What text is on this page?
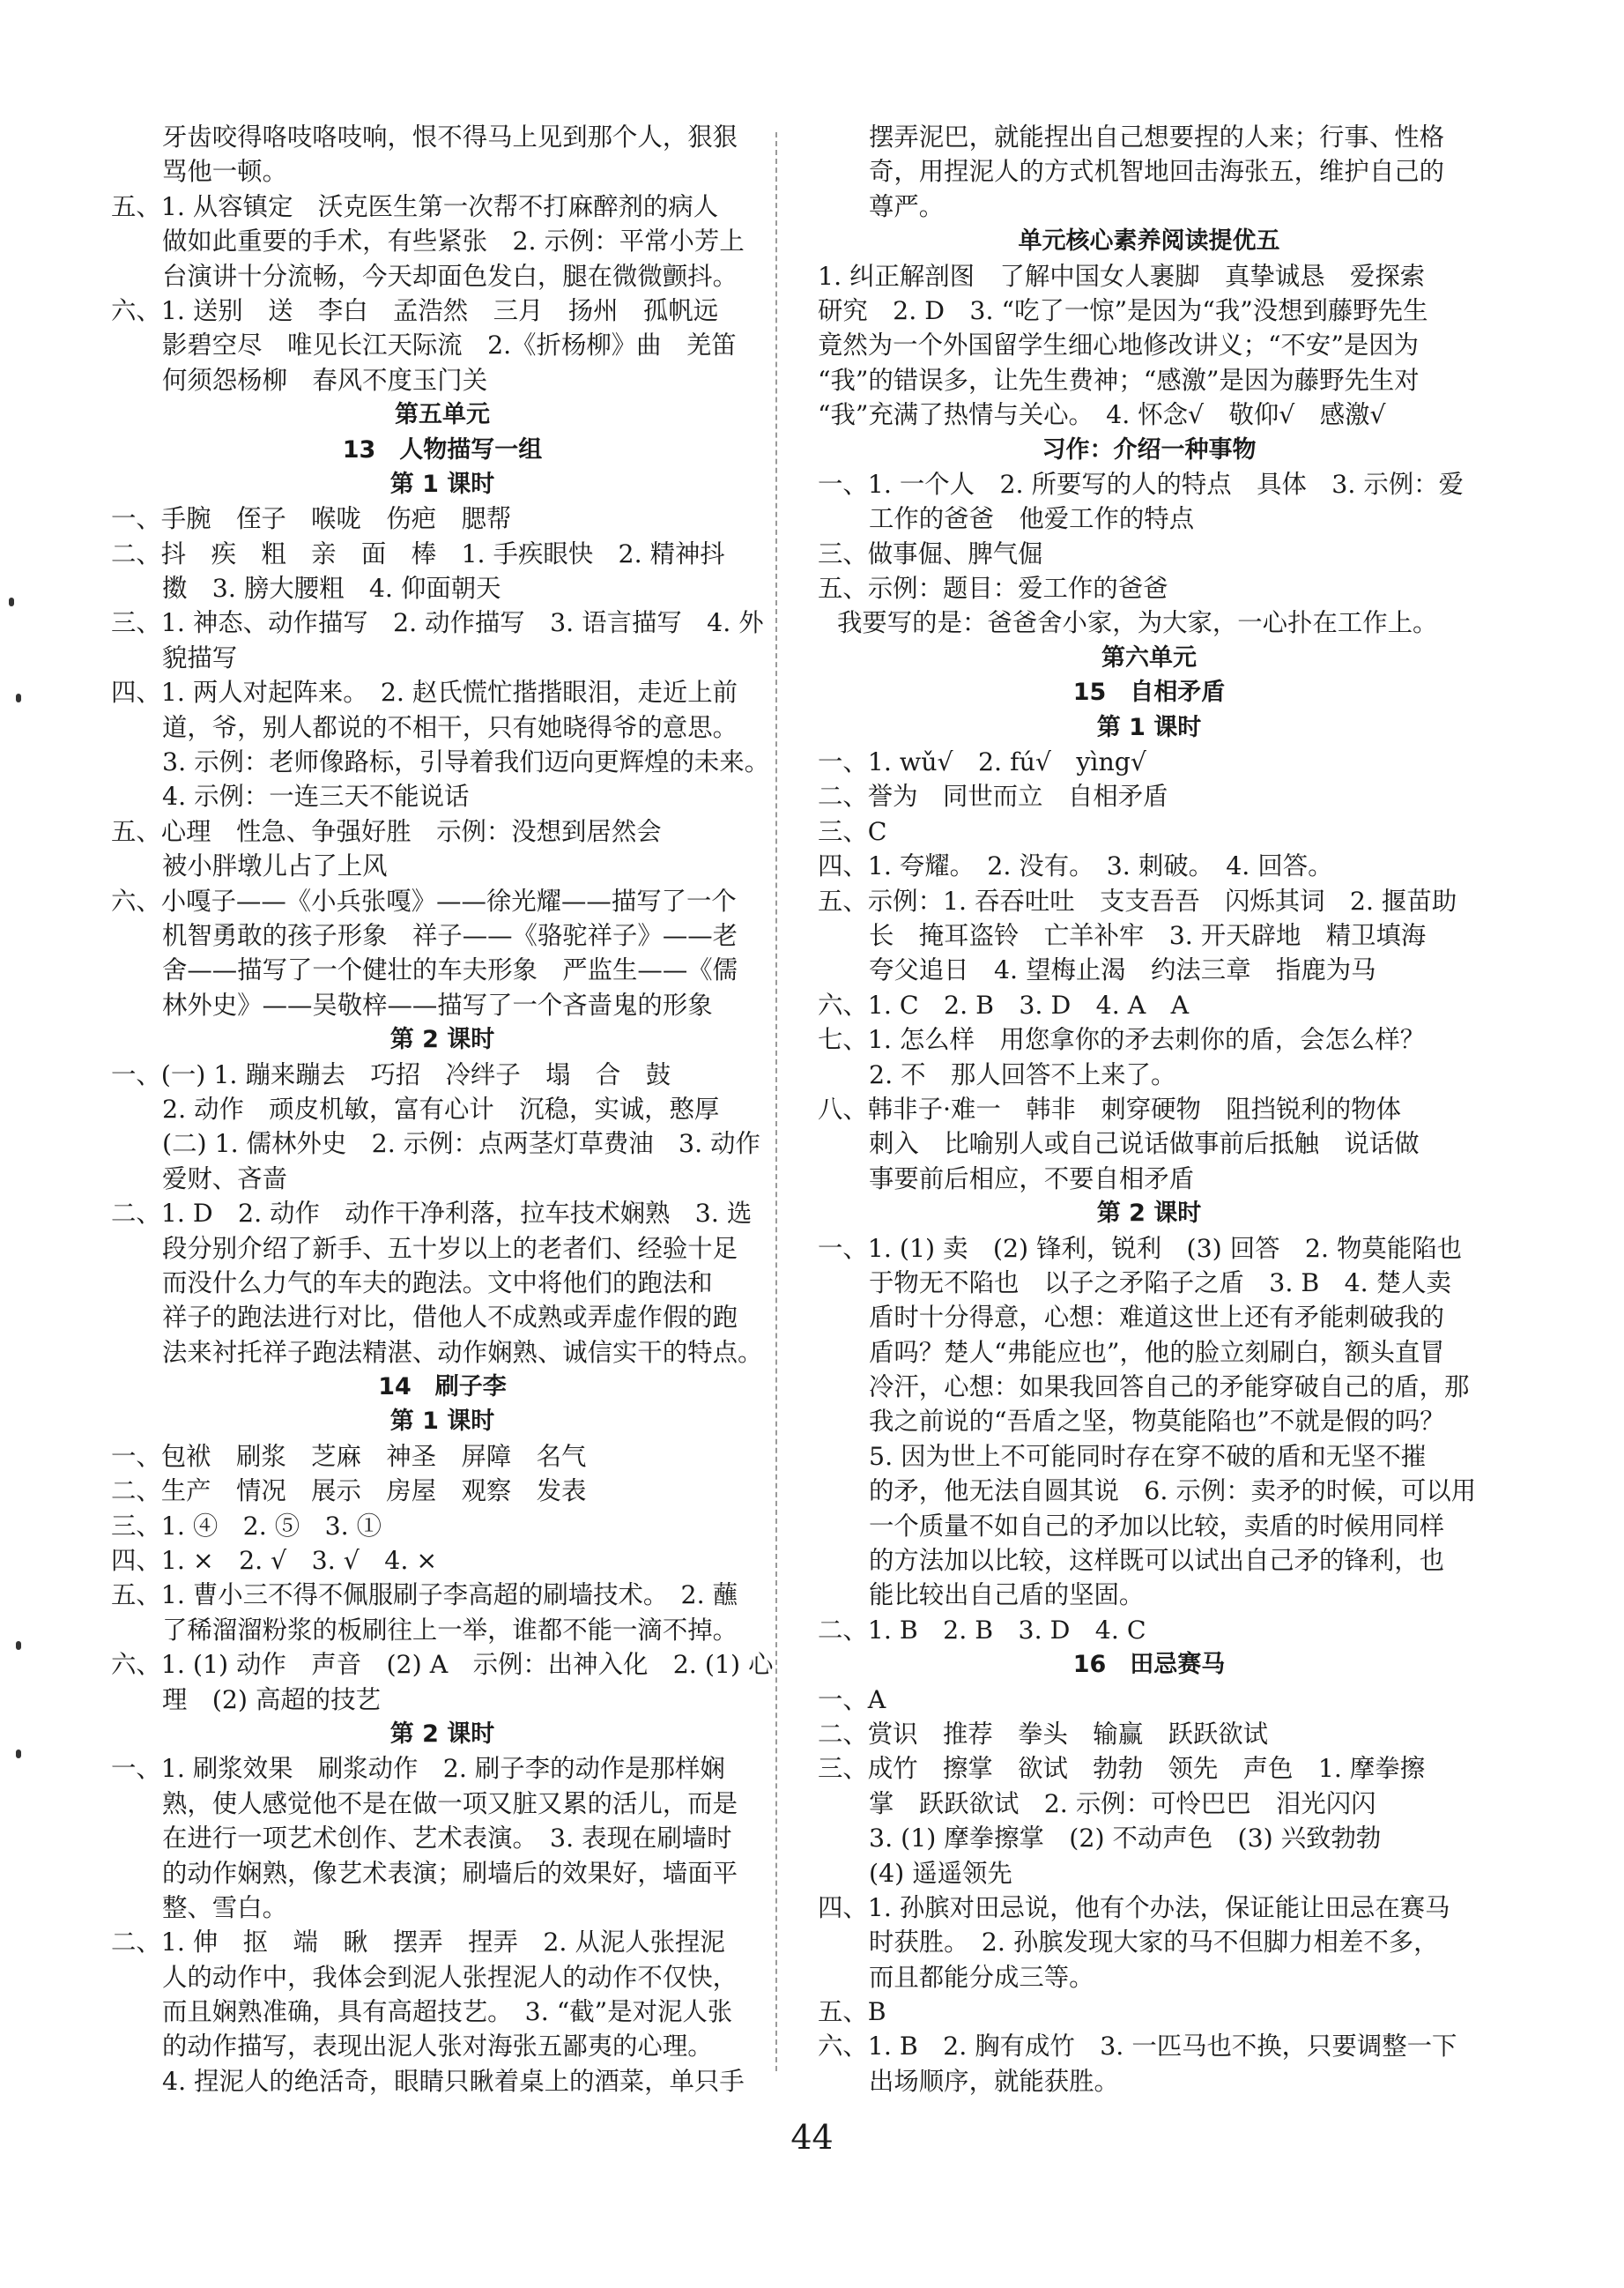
牙齿咬得咯吱咯吱响，恨不得马上见到那个人，狠狠
骂他一顿。
五、1. 从容镇定　沃克医生第一次帮不打麻醉剂的病人
做如此重要的手术，有些紧张　2. 示例：平常小芳上
台演讲十分流畅，今天却面色发白，腿在微微颤抖。
六、1. 送别　送　李白　孟浩然　三月　扬州　孤帆远
影碧空尽　唯见长江天际流　2.《折杨柳》曲　羌笛
何须怨杨柳　春风不度玉门关
第五单元
13　人物描写一组
第 1 课时
一、手腕　侄子　喉咙　伤疤　腮帮
二、抖　疾　粗　亲　面　棒　1. 手疾眼快　2. 精神抖
擞　3. 膀大腰粗　4. 仰面朝天
三、1. 神态、动作描写　2. 动作描写　3. 语言描写　4. 外
貌描写
四、1. 两人对起阵来。　2. 赵氏慌忙揩揩眼泪，走近上前
道，爷，别人都说的不相干，只有她晓得爷的意思。
3. 示例：老师像路标，引导着我们迈向更辉煌的未来。
4. 示例：一连三天不能说话
五、心理　性急、争强好胜　示例：没想到居然会
被小胖墩儿占了上风
六、小嘎子——《小兵张嘎》——徐光耀——描写了一个
机智勇敢的孩子形象　祥子——《骆驼祥子》——老
舍——描写了一个健壮的车夫形象　严监生——《儒
林外史》——吴敬梓——描写了一个吝啬鬼的形象
第 2 课时
一、(一) 1. 蹦来蹦去　巧招　冷绊子　塌　合　鼓
2. 动作　顽皮机敏，富有心计　沉稳，实诚，憨厚
(二) 1. 儒林外史　2. 示例：点两茎灯草费油　3. 动作
爱财、吝啬
二、1. D　2. 动作　动作干净利落，拉车技术娴熟　3. 选
段分别介绍了新手、五十岁以上的老者们、经验十足
而没什么力气的车夫的跑法。文中将他们的跑法和
祥子的跑法进行对比，借他人不成熟或弄虚作假的跑
法来衬托祥子跑法精湛、动作娴熟、诚信实干的特点。
14　刷子李
第 1 课时
一、包袱　刷浆　芝麻　神圣　屏障　名气
二、生产　情况　展示　房屋　观察　发表
三、1. ④　2. ⑤　3. ①
四、1. ×　2. √　3. √　4. ×
五、1. 曹小三不得不佩服刷子李高超的刷墙技术。　2. 蘸
了稀溜溜粉浆的板刷往上一举，谁都不能一滴不掉。
六、1. (1) 动作　声音　(2) A　示例：出神入化　2. (1) 心
理　(2) 高超的技艺
第 2 课时
一、1. 刷浆效果　刷浆动作　2. 刷子李的动作是那样娴
熟，使人感觉他不是在做一项又脏又累的活儿，而是
在进行一项艺术创作、艺术表演。　3. 表现在刷墙时
的动作娴熟，像艺术表演；刷墙后的效果好，墙面平
整、雪白。
二、1. 伸　抠　端　瞅　摆弄　捏弄　2. 从泥人张捏泥
人的动作中，我体会到泥人张捏泥人的动作不仅快，
而且娴熟准确，具有高超技艺。　3. “截”是对泥人张
的动作描写，表现出泥人张对海张五鄙夷的心理。
4. 捏泥人的绝活奇，眼睛只瞅着桌上的酒菜，单只手
摆弄泥巴，就能捏出自己想要捏的人来；行事、性格
奇，用捏泥人的方式机智地回击海张五，维护自己的
尊严。
单元核心素养阅读提优五
1. 纠正解剖图　了解中国女人裹脚　真挚诚恳　爱探索
研究　2. D　3. “吃了一惊”是因为“我”没想到藤野先生
竟然为一个外国留学生细心地修改讲义；“不安”是因为
“我”的错误多，让先生费神；“感激”是因为藤野先生对
“我”充满了热情与关心。　4. 怀念√　敬仰√　感激√
习作：介绍一种事物
一、1. 一个人　2. 所要写的人的特点　具体　3. 示例：爱
工作的爸爸　他爱工作的特点
三、做事倔、脾气倔
五、示例：题目：爱工作的爸爸
我要写的是：爸爸舍小家，为大家，一心扑在工作上。
第六单元
15　自相矛盾
第 1 课时
一、1. wǔ√　2. fú√　yìng√
二、誉为　同世而立　自相矛盾
三、C
四、1. 夸耀。　2. 没有。　3. 刺破。　4. 回答。
五、示例：1. 吞吞吐吐　支支吾吾　闪烁其词　2. 揠苗助
长　掩耳盗铃　亡羊补牢　3. 开天辟地　精卫填海
夸父追日　4. 望梅止渴　约法三章　指鹿为马
六、1. C　2. B　3. D　4. A　A
七、1. 怎么样　用您拿你的矛去刺你的盾，会怎么样？
2. 不　那人回答不上来了。
八、韩非子·难一　韩非　刺穿硬物　阻挡锐利的物体
刺入　比喻别人或自己说话做事前后抵触　说话做
事要前后相应，不要自相矛盾
第 2 课时
一、1. (1) 卖　(2) 锋利，锐利　(3) 回答　2. 物莫能陷也
于物无不陷也　以子之矛陷子之盾　3. B　4. 楚人卖
盾时十分得意，心想：难道这世上还有矛能刺破我的
盾吗？楚人“弗能应也”，他的脸立刻刷白，额头直冒
冷汗，心想：如果我回答自己的矛能穿破自己的盾，那
我之前说的“吾盾之坚，物莫能陷也”不就是假的吗？
5. 因为世上不可能同时存在穿不破的盾和无坚不摧
的矛，他无法自圆其说　6. 示例：卖矛的时候，可以用
一个质量不如自己的矛加以比较，卖盾的时候用同样
的方法加以比较，这样既可以试出自己矛的锋利，也
能比较出自己盾的坚固。
二、1. B　2. B　3. D　4. C
16　田忌赛马
一、A
二、赏识　推荐　拳头　输赢　跃跃欲试
三、成竹　擦掌　欲试　勃勃　领先　声色　1. 摩拳擦
掌　跃跃欲试　2. 示例：可怜巴巴　泪光闪闪
3. (1) 摩拳擦掌　(2) 不动声色　(3) 兴致勃勃
(4) 遥遥领先
四、1. 孙膑对田忌说，他有个办法，保证能让田忌在赛马
时获胜。　2. 孙膑发现大家的马不但脚力相差不多，
而且都能分成三等。
五、B
六、1. B　2. 胸有成竹　3. 一匹马也不换，只要调整一下
出场顺序，就能获胜。
44
